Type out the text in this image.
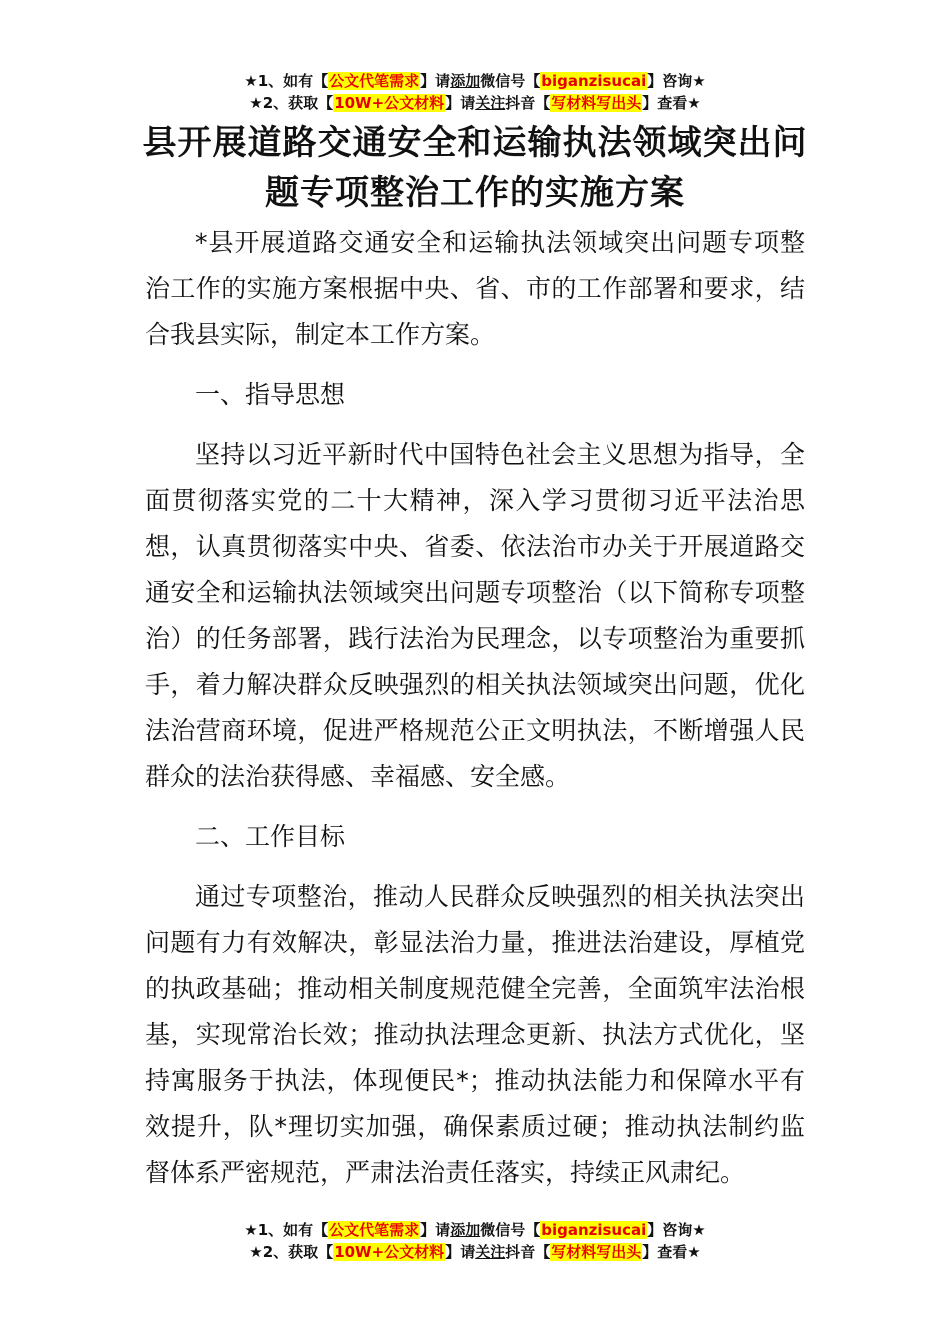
★1、如有【公文代笔需求】请添加微信号【biganzisucai】咨询★
★2、获取【10W+公文材料】请关注抖音【写材料写出头】查看★
县开展道路交通安全和运输执法领域突出问
题专项整治工作的实施方案

*县开展道路交通安全和运输执法领域突出问题专项整治工作的实施方案根据中央、省、市的工作部署和要求，结合我县实际，制定本工作方案。

一、指导思想

坚持以习近平新时代中国特色社会主义思想为指导，全面贯彻落实党的二十大精神，深入学习贯彻习近平法治思想，认真贯彻落实中央、省委、依法治市办关于开展道路交通安全和运输执法领域突出问题专项整治（以下简称专项整治）的任务部署，践行法治为民理念，以专项整治为重要抓手，着力解决群众反映强烈的相关执法领域突出问题，优化法治营商环境，促进严格规范公正文明执法，不断增强人民群众的法治获得感、幸福感、安全感。

二、工作目标

通过专项整治，推动人民群众反映强烈的相关执法突出问题有力有效解决，彰显法治力量，推进法治建设，厚植党的执政基础；推动相关制度规范健全完善，全面筑牢法治根基，实现常治长效；推动执法理念更新、执法方式优化，坚持寓服务于执法，体现便民*；推动执法能力和保障水平有效提升，队*理切实加强，确保素质过硬；推动执法制约监督体系严密规范，严肃法治责任落实，持续正风肃纪。

★1、如有【公文代笔需求】请添加微信号【biganzisucai】咨询★
★2、获取【10W+公文材料】请关注抖音【写材料写出头】查看★
